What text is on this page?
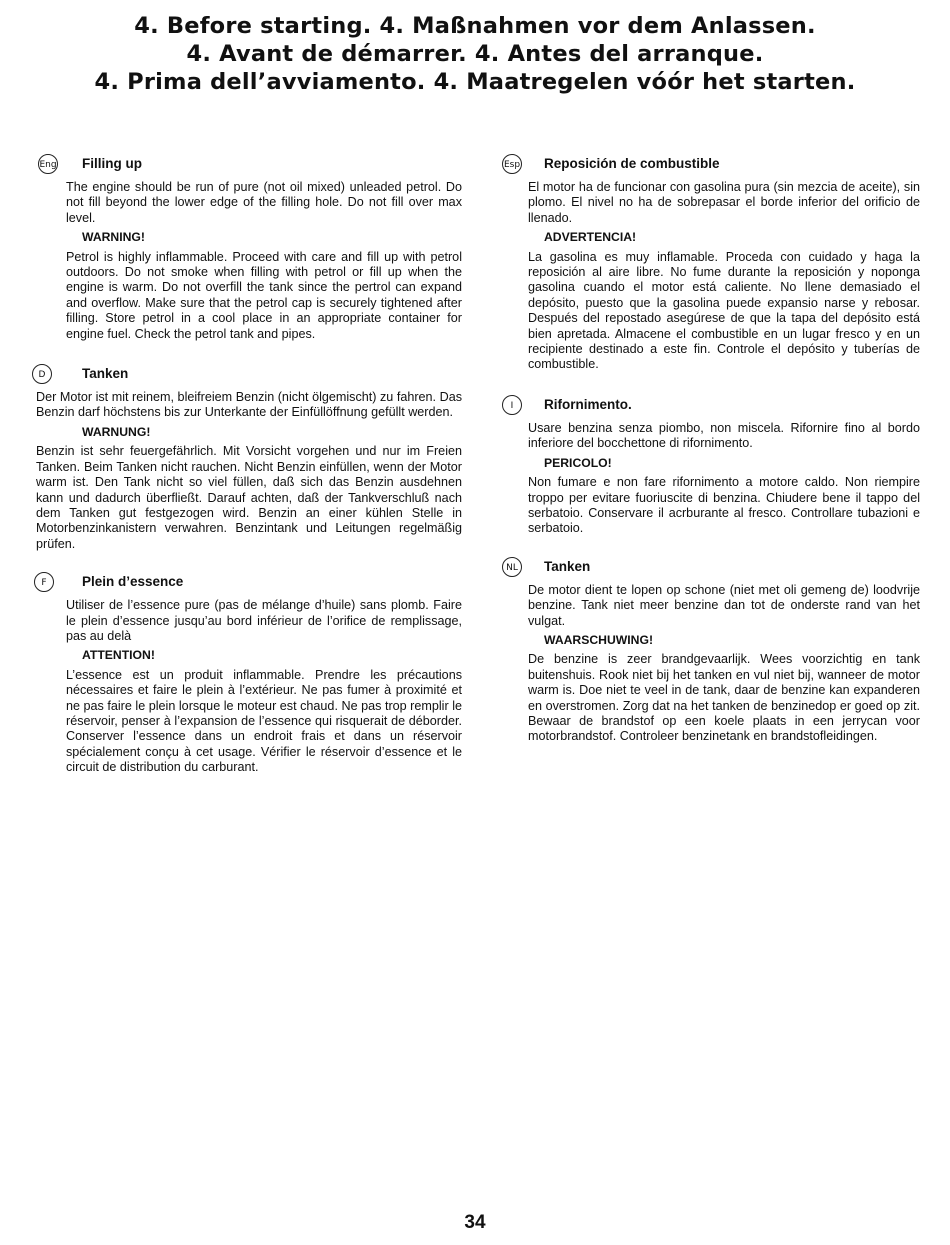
4. Before starting. 4. Maßnahmen vor dem Anlassen.
4. Avant de démarrer. 4. Antes del arranque.
4. Prima dell’avviamento. 4. Maatregelen vóór het starten.
Eng Filling up

The engine should be run of pure (not oil mixed) unleaded petrol. Do not fill beyond the lower edge of the filling hole. Do not fill over max level.

WARNING!

Petrol is highly inflammable. Proceed with care and fill up with petrol outdoors. Do not smoke when filling with petrol or fill up when the engine is warm. Do not overfill the tank since the pertrol can expand and overflow. Make sure that the petrol cap is securely tightened after filling. Store petrol in a cool place in an appropriate container for engine fuel. Check the petrol tank and pipes.

D	Tanken

Der Motor ist mit reinem, bleifreiem Benzin (nicht ölgemischt) zu fahren. Das Benzin darf höchstens bis zur Unterkante der Einfüllöffnung gefüllt werden.

WARNUNG!

Benzin ist sehr feuergefährlich. Mit Vorsicht vorgehen und nur im Freien Tanken. Beim Tanken nicht rauchen. Nicht Benzin einfüllen, wenn der Motor warm ist. Den Tank nicht so viel füllen, daß sich das Benzin ausdehnen kann und dadurch überfließt. Darauf achten, daß der Tankverschluß nach dem Tanken gut festgezogen wird. Benzin an einer kühlen Stelle in Motorbenzinkanistern verwahren. Benzintank und Leitungen regelmäßig prüfen.

F	Plein d’essence

Utiliser de l’essence pure (pas de mélange d’huile) sans plomb. Faire le plein d’essence jusqu’au bord inférieur de l’orifice de remplissage, pas au delà

ATTENTION!

L’essence est un produit inflammable. Prendre les précautions nécessaires et faire le plein à l’extérieur. Ne pas fumer à proximité et ne pas faire le plein lorsque le moteur est chaud. Ne pas trop remplir le réservoir, penser à l’expansion de l’essence qui risquerait de déborder. Conserver l’essence dans un endroit frais et dans un réservoir spécialement conçu à cet usage. Vérifier le réservoir d’essence et le circuit de distribution du carburant.

Esp Reposición de combustible

El motor ha de funcionar con gasolina pura (sin mezcia de aceite), sin plomo. El nivel no ha de sobrepasar el borde inferior del orificio de llenado.

ADVERTENCIA!

La gasolina es muy inflamable. Proceda con cuidado y haga la reposición al aire libre. No fume durante la reposición y noponga gasolina cuando el motor está caliente. No llene demasiado el depósito, puesto que la gasolina puede expansio narse y rebosar. Después del repostado asegúrese de que la tapa del depósito está bien apretada. Almacene el combustible en un lugar fresco y en un recipiente destinado a este fin. Controle el depósito y tuberías de combustible.

I	Rifornimento.

Usare benzina senza piombo, non miscela. Rifornire fino al bordo inferiore del bocchettone di rifornimento.

PERICOLO!

Non fumare e non fare rifornimento a motore caldo. Non riempire troppo per evitare fuoriuscite di benzina. Chiudere bene il tappo del serbatoio. Conservare il acrburante al fresco. Controllare tubazioni e serbatoio.

NL	Tanken

De motor dient te lopen op schone (niet met oli gemeng de) loodvrije benzine. Tank niet meer benzine dan tot de onderste rand van het vulgat.

WAARSCHUWING!

De benzine is zeer brandgevaarlijk. Wees voorzichtig en tank buitenshuis. Rook niet bij het tanken en vul niet bij, wanneer de motor warm is. Doe niet te veel in de tank, daar de benzine kan expanderen en overstromen. Zorg dat na het tanken de benzinedop er goed op zit. Bewaar de brandstof op een koele plaats in een jerrycan voor motorbrandstof. Controleer benzinetank en brandstofleidingen.

34
